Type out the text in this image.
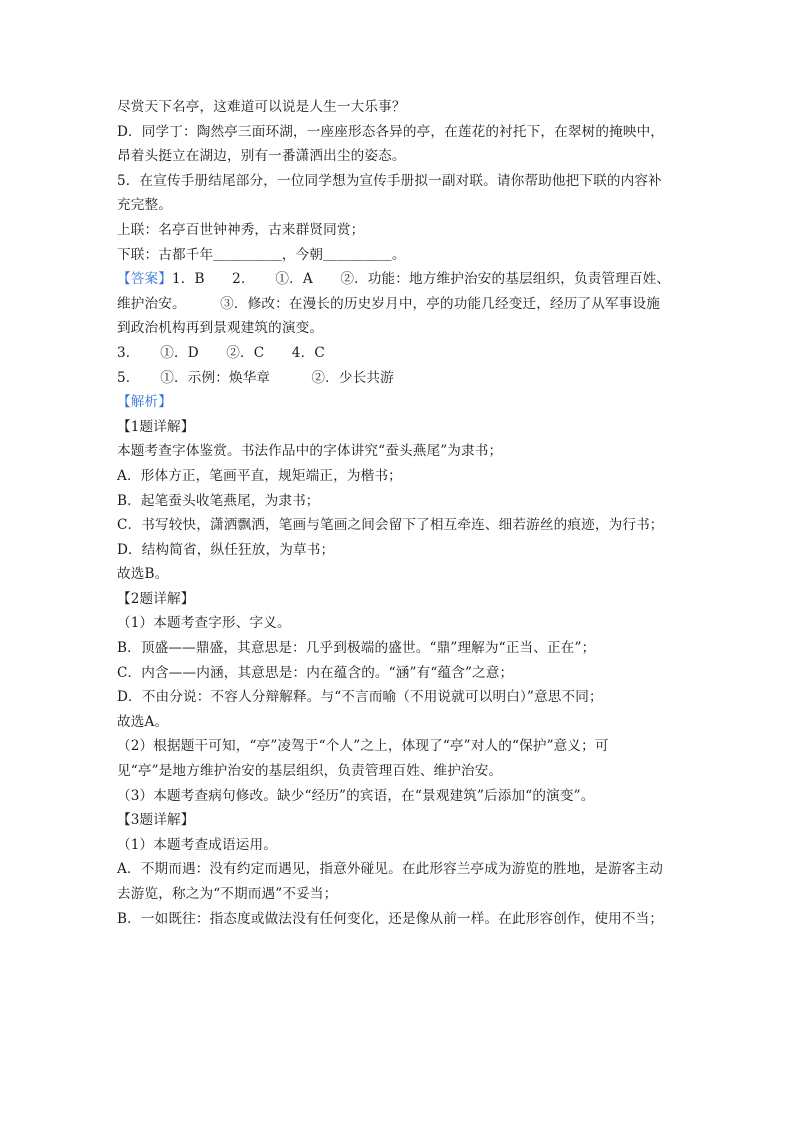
尽赏天下名亭，这难道可以说是人生一大乐事？
D．同学丁：陶然亭三面环湖，一座座形态各异的亭，在莲花的衬托下，在翠树的掩映中，
昂着头挺立在湖边，别有一番潇洒出尘的姿态。
5．在宣传手册结尾部分，一位同学想为宣传手册拟一副对联。请你帮助他把下联的内容补
充完整。
上联：名亭百世钟神秀，古来群贤同赏；
下联：古都千年＿＿＿＿＿，今朝＿＿＿＿＿。
【答案】1．B　　2．　　①．A　　②．功能：地方维护治安的基层组织，负责管理百姓、
维护治安。　　　③．修改：在漫长的历史岁月中，亭的功能几经变迁，经历了从军事设施
到政治机构再到景观建筑的演变。
3．　　①．D　　②．C　　4．C
5．　　①．示例：焕华章　　　②．少长共游
【解析】
【1题详解】
本题考查字体鉴赏。书法作品中的字体讲究“蚕头燕尾”为隶书；
A．形体方正，笔画平直，规矩端正，为楷书；
B．起笔蚕头收笔燕尾，为隶书；
C．书写较快，潇洒飘洒，笔画与笔画之间会留下了相互牵连、细若游丝的痕迹，为行书；
D．结构简省，纵任狂放，为草书；
故选B。
【2题详解】
（1）本题考查字形、字义。
B．顶盛——鼎盛，其意思是：几乎到极端的盛世。“鼎”理解为“正当、正在”；
C．内含——内涵，其意思是：内在蕴含的。“涵”有“蕴含”之意；
D．不由分说：不容人分辩解释。与“不言而喻（不用说就可以明白）”意思不同；
故选A。
（2）根据题干可知，“亭”凌驾于“个人”之上，体现了“亭”对人的“保护”意义；可
见“亭”是地方维护治安的基层组织，负责管理百姓、维护治安。
（3）本题考查病句修改。缺少“经历”的宾语，在“景观建筑”后添加“的演变”。
【3题详解】
（1）本题考查成语运用。
A．不期而遇：没有约定而遇见，指意外碰见。在此形容兰亭成为游览的胜地，是游客主动
去游览，称之为“不期而遇”不妥当；
B．一如既往：指态度或做法没有任何变化，还是像从前一样。在此形容创作，使用不当；
